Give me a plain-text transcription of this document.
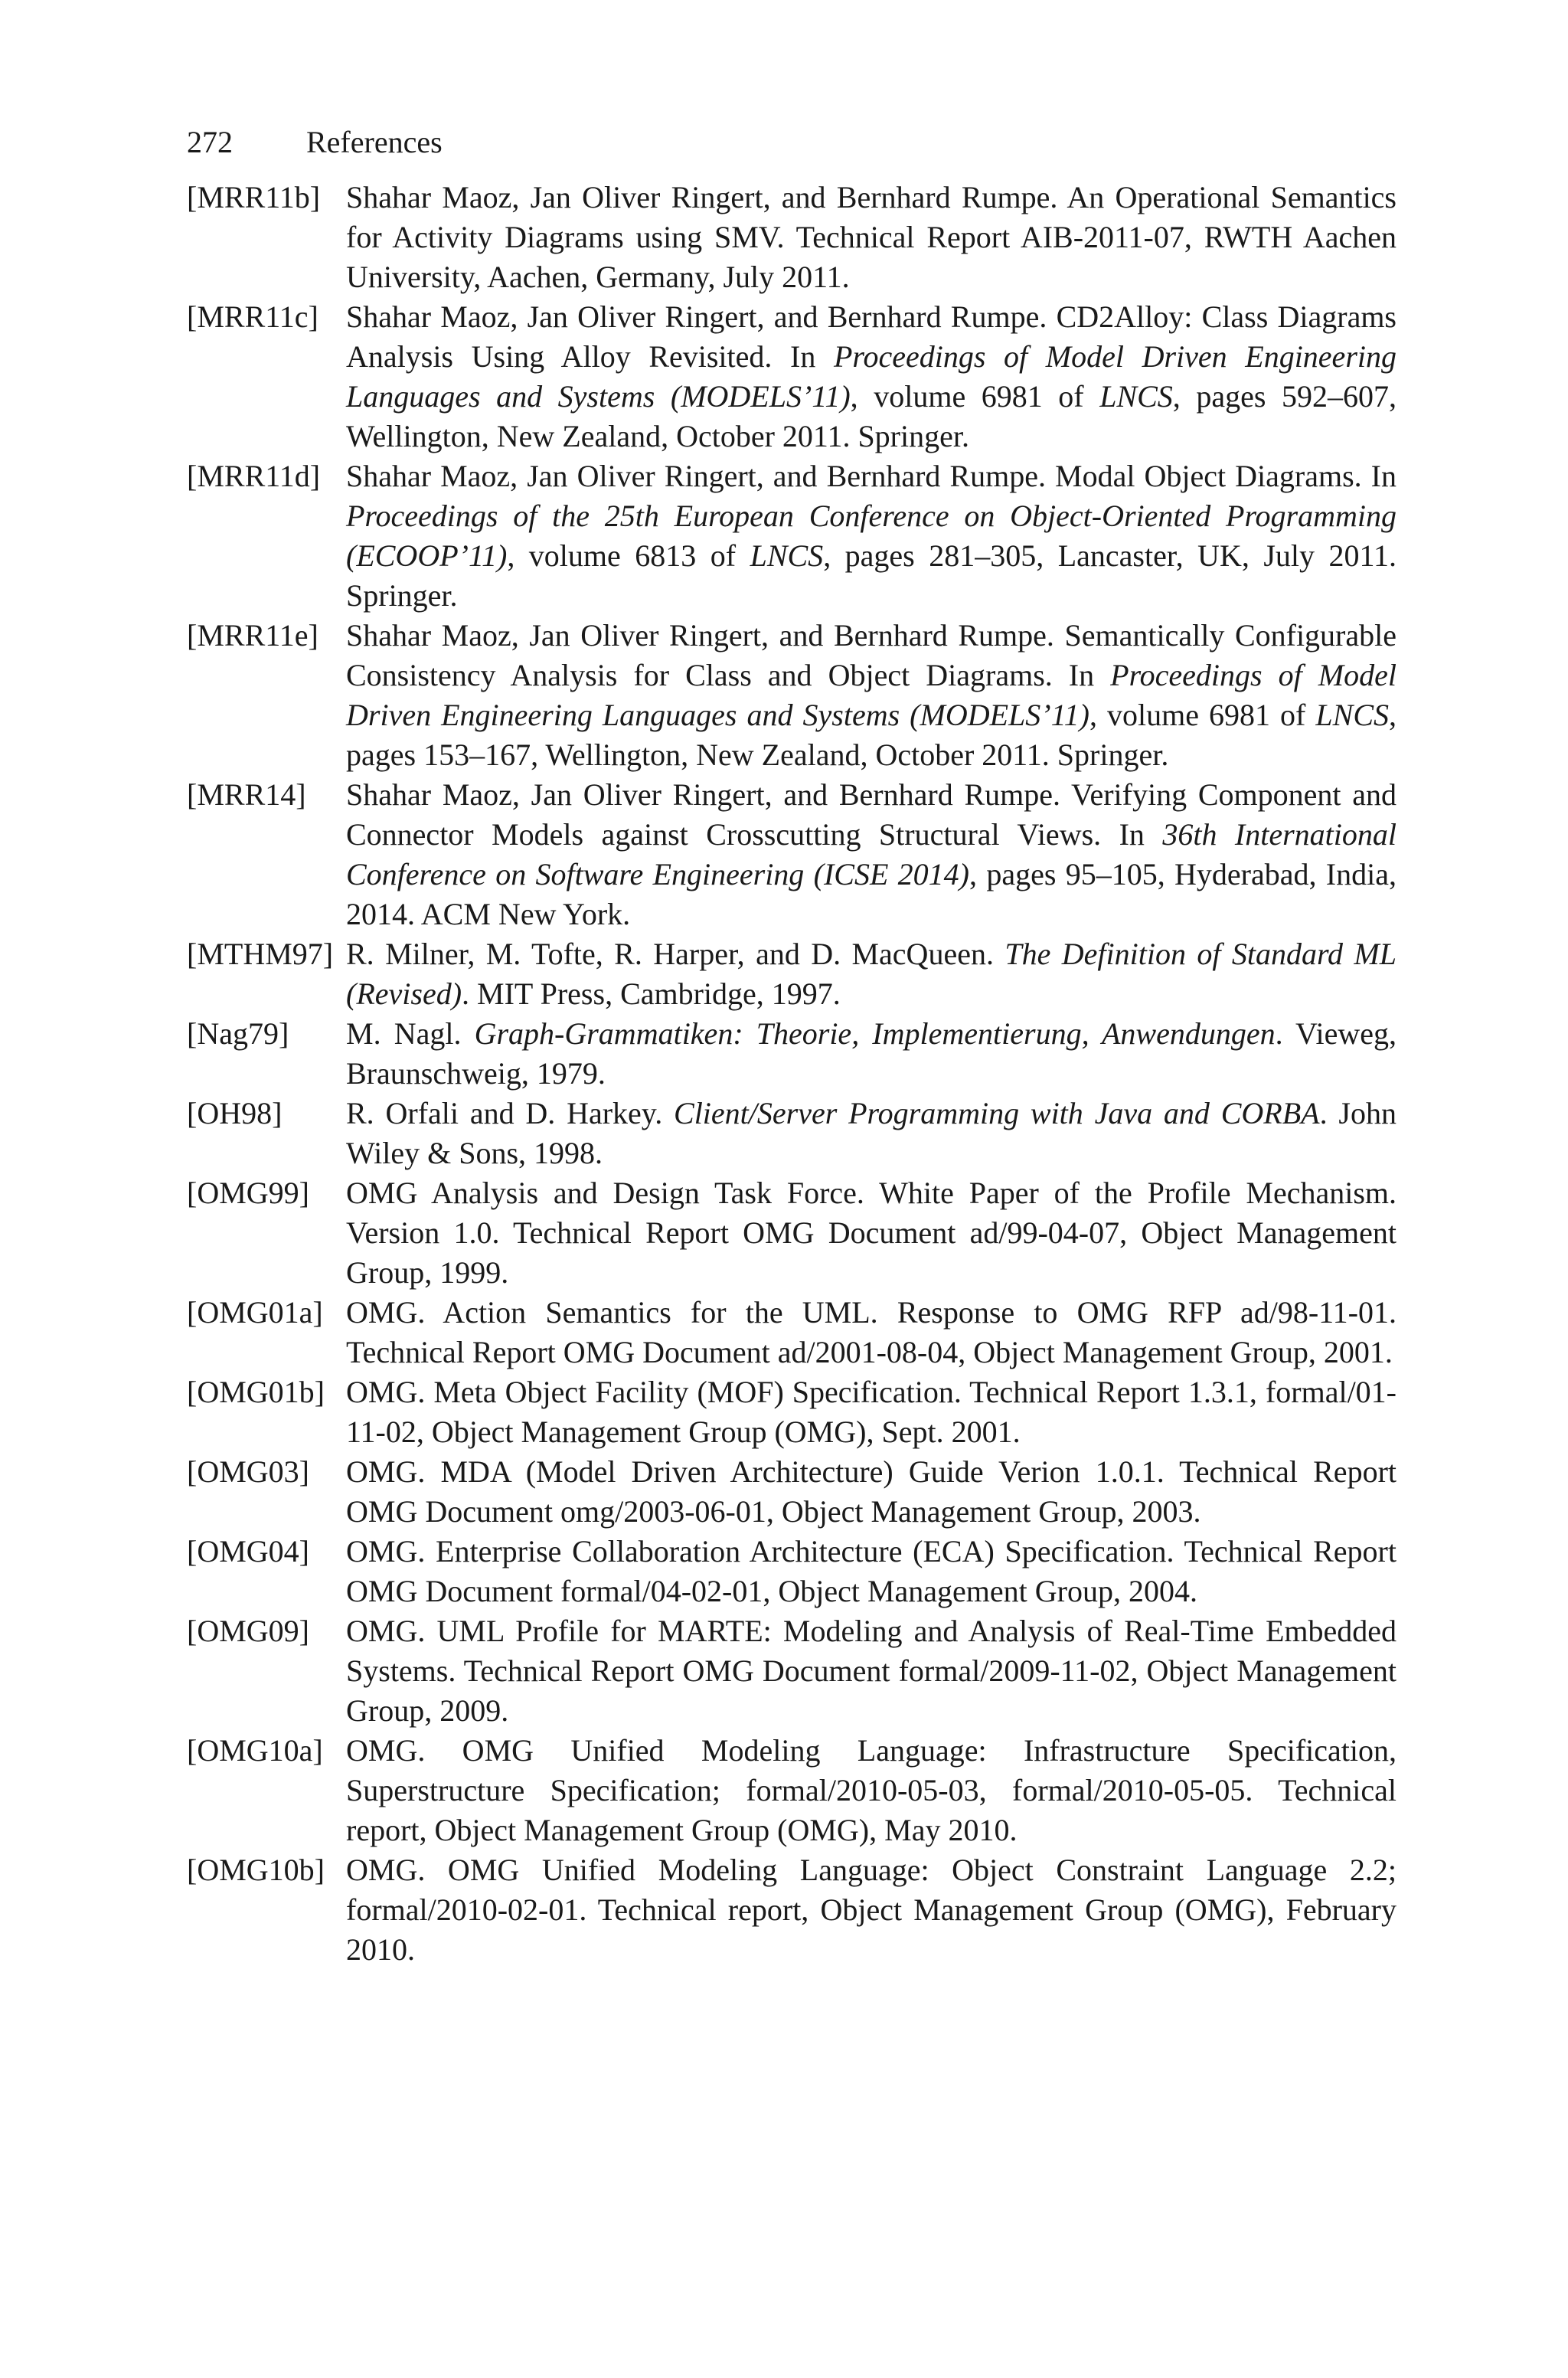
272 References
[MRR11b] Shahar Maoz, Jan Oliver Ringert, and Bernhard Rumpe. An Operational Semantics for Activity Diagrams using SMV. Technical Report AIB-2011-07, RWTH Aachen University, Aachen, Germany, July 2011.
[MRR11c] Shahar Maoz, Jan Oliver Ringert, and Bernhard Rumpe. CD2Alloy: Class Diagrams Analysis Using Alloy Revisited. In Proceedings of Model Driven Engineering Languages and Systems (MODELS’11), volume 6981 of LNCS, pages 592–607, Wellington, New Zealand, October 2011. Springer.
[MRR11d] Shahar Maoz, Jan Oliver Ringert, and Bernhard Rumpe. Modal Object Diagrams. In Proceedings of the 25th European Conference on Object-Oriented Programming (ECOOP’11), volume 6813 of LNCS, pages 281–305, Lancaster, UK, July 2011. Springer.
[MRR11e] Shahar Maoz, Jan Oliver Ringert, and Bernhard Rumpe. Semantically Configurable Consistency Analysis for Class and Object Diagrams. In Proceedings of Model Driven Engineering Languages and Systems (MODELS’11), volume 6981 of LNCS, pages 153–167, Wellington, New Zealand, October 2011. Springer.
[MRR14] Shahar Maoz, Jan Oliver Ringert, and Bernhard Rumpe. Verifying Component and Connector Models against Crosscutting Structural Views. In 36th International Conference on Software Engineering (ICSE 2014), pages 95–105, Hyderabad, India, 2014. ACM New York.
[MTHM97] R. Milner, M. Tofte, R. Harper, and D. MacQueen. The Definition of Standard ML (Revised). MIT Press, Cambridge, 1997.
[Nag79] M. Nagl. Graph-Grammatiken: Theorie, Implementierung, Anwendungen. Vieweg, Braunschweig, 1979.
[OH98] R. Orfali and D. Harkey. Client/Server Programming with Java and CORBA. John Wiley & Sons, 1998.
[OMG99] OMG Analysis and Design Task Force. White Paper of the Profile Mechanism. Version 1.0. Technical Report OMG Document ad/99-04-07, Object Management Group, 1999.
[OMG01a] OMG. Action Semantics for the UML. Response to OMG RFP ad/98-11-01. Technical Report OMG Document ad/2001-08-04, Object Management Group, 2001.
[OMG01b] OMG. Meta Object Facility (MOF) Specification. Technical Report 1.3.1, formal/01-11-02, Object Management Group (OMG), Sept. 2001.
[OMG03] OMG. MDA (Model Driven Architecture) Guide Verion 1.0.1. Technical Report OMG Document omg/2003-06-01, Object Management Group, 2003.
[OMG04] OMG. Enterprise Collaboration Architecture (ECA) Specification. Technical Report OMG Document formal/04-02-01, Object Management Group, 2004.
[OMG09] OMG. UML Profile for MARTE: Modeling and Analysis of Real-Time Embedded Systems. Technical Report OMG Document formal/2009-11-02, Object Management Group, 2009.
[OMG10a] OMG. OMG Unified Modeling Language: Infrastructure Specification, Superstructure Specification; formal/2010-05-03, formal/2010-05-05. Technical report, Object Management Group (OMG), May 2010.
[OMG10b] OMG. OMG Unified Modeling Language: Object Constraint Language 2.2; formal/2010-02-01. Technical report, Object Management Group (OMG), February 2010.
